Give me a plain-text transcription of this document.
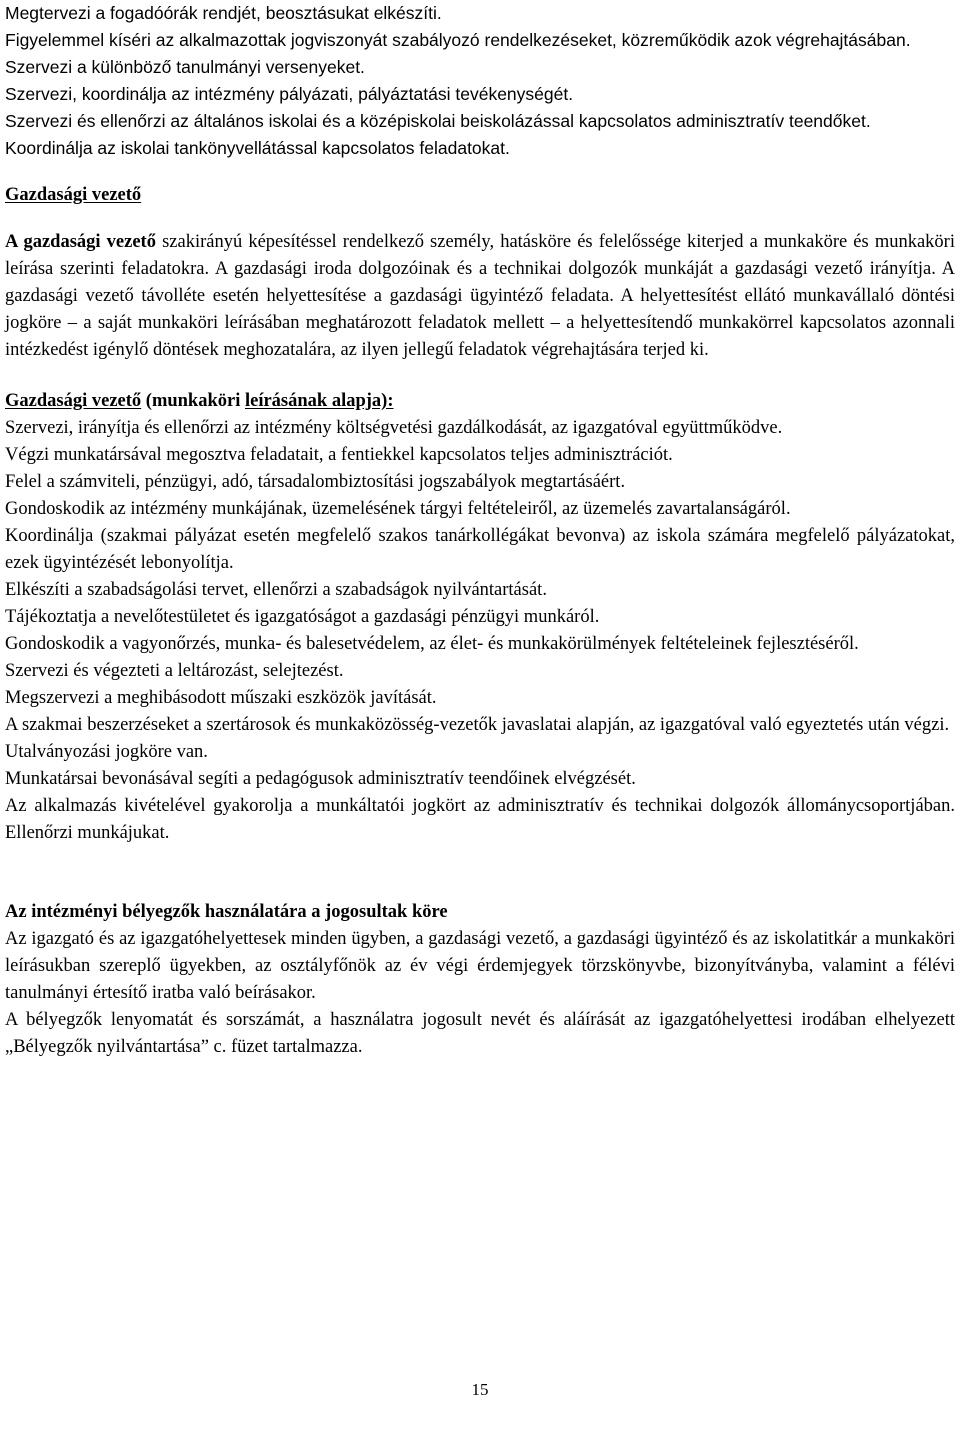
Megtervezi a fogadóórák rendjét, beosztásukat elkészíti.

Figyelemmel kíséri az alkalmazottak jogviszonyát szabályozó rendelkezéseket, közreműködik azok végrehajtásában.

Szervezi a különböző tanulmányi versenyeket.

Szervezi, koordinálja az intézmény pályázati, pályáztatási tevékenységét.

Szervezi és ellenőrzi az általános iskolai és a középiskolai beiskolázással kapcsolatos adminisztratív teendőket.

Koordinálja az iskolai tankönyvellátással kapcsolatos feladatokat.

Gazdasági vezető

A gazdasági vezető szakirányú képesítéssel rendelkező személy, hatásköre és felelőssége kiterjed a munkaköre és munkaköri leírása szerinti feladatokra. A gazdasági iroda dolgozóinak és a technikai dolgozók munkáját a gazdasági vezető irányítja. A gazdasági vezető távolléte esetén helyettesítése a gazdasági ügyintéző feladata. A helyettesítést ellátó munkavállaló döntési jogköre – a saját munkaköri leírásában meghatározott feladatok mellett – a helyettesítendő munkakörrel kapcsolatos azonnali intézkedést igénylő döntések meghozatalára, az ilyen jellegű feladatok végrehajtására terjed ki.

Gazdasági vezető (munkaköri leírásának alapja):

Szervezi, irányítja és ellenőrzi az intézmény költségvetési gazdálkodását, az igazgatóval együttműködve.

Végzi munkatársával megosztva feladatait, a fentiekkel kapcsolatos teljes adminisztrációt.

Felel a számviteli, pénzügyi, adó, társadalombiztosítási jogszabályok megtartásáért.

Gondoskodik az intézmény munkájának, üzemelésének tárgyi feltételeiről, az üzemelés zavartalanságáról.

Koordinálja (szakmai pályázat esetén megfelelő szakos tanárkollégákat bevonva) az iskola számára megfelelő pályázatokat, ezek ügyintézését lebonyolítja.

Elkészíti a szabadságolási tervet, ellenőrzi a szabadságok nyilvántartását.

Tájékoztatja a nevelőtestületet és igazgatóságot a gazdasági pénzügyi munkáról.

Gondoskodik a vagyonőrzés, munka- és balesetvédelem, az élet- és munkakörülmények feltételeinek fejlesztéséről.

Szervezi és végezteti a leltározást, selejtezést.

Megszervezi a meghibásodott műszaki eszközök javítását.

A szakmai beszerzéseket a szertárosok és munkaközösség-vezetők javaslatai alapján, az igazgatóval való egyeztetés után végzi.

Utalványozási jogköre van.

Munkatársai bevonásával segíti a pedagógusok adminisztratív teendőinek elvégzését.

Az alkalmazás kivételével gyakorolja a munkáltatói jogkört az adminisztratív és technikai dolgozók állománycsoportjában. Ellenőrzi munkájukat.

Az intézményi bélyegzők használatára a jogosultak köre

Az igazgató és az igazgatóhelyettesek minden ügyben, a gazdasági vezető, a gazdasági ügyintéző és az iskolatitkár a munkaköri leírásukban szereplő ügyekben, az osztályfőnök az év végi érdemjegyek törzskönyvbe, bizonyítványba, valamint a félévi tanulmányi értesítő iratba való beírásakor.

A bélyegzők lenyomatát és sorszámát, a használatra jogosult nevét és aláírását az igazgatóhelyettesi irodában elhelyezett „Bélyegzők nyilvántartása” c. füzet tartalmazza.

15
